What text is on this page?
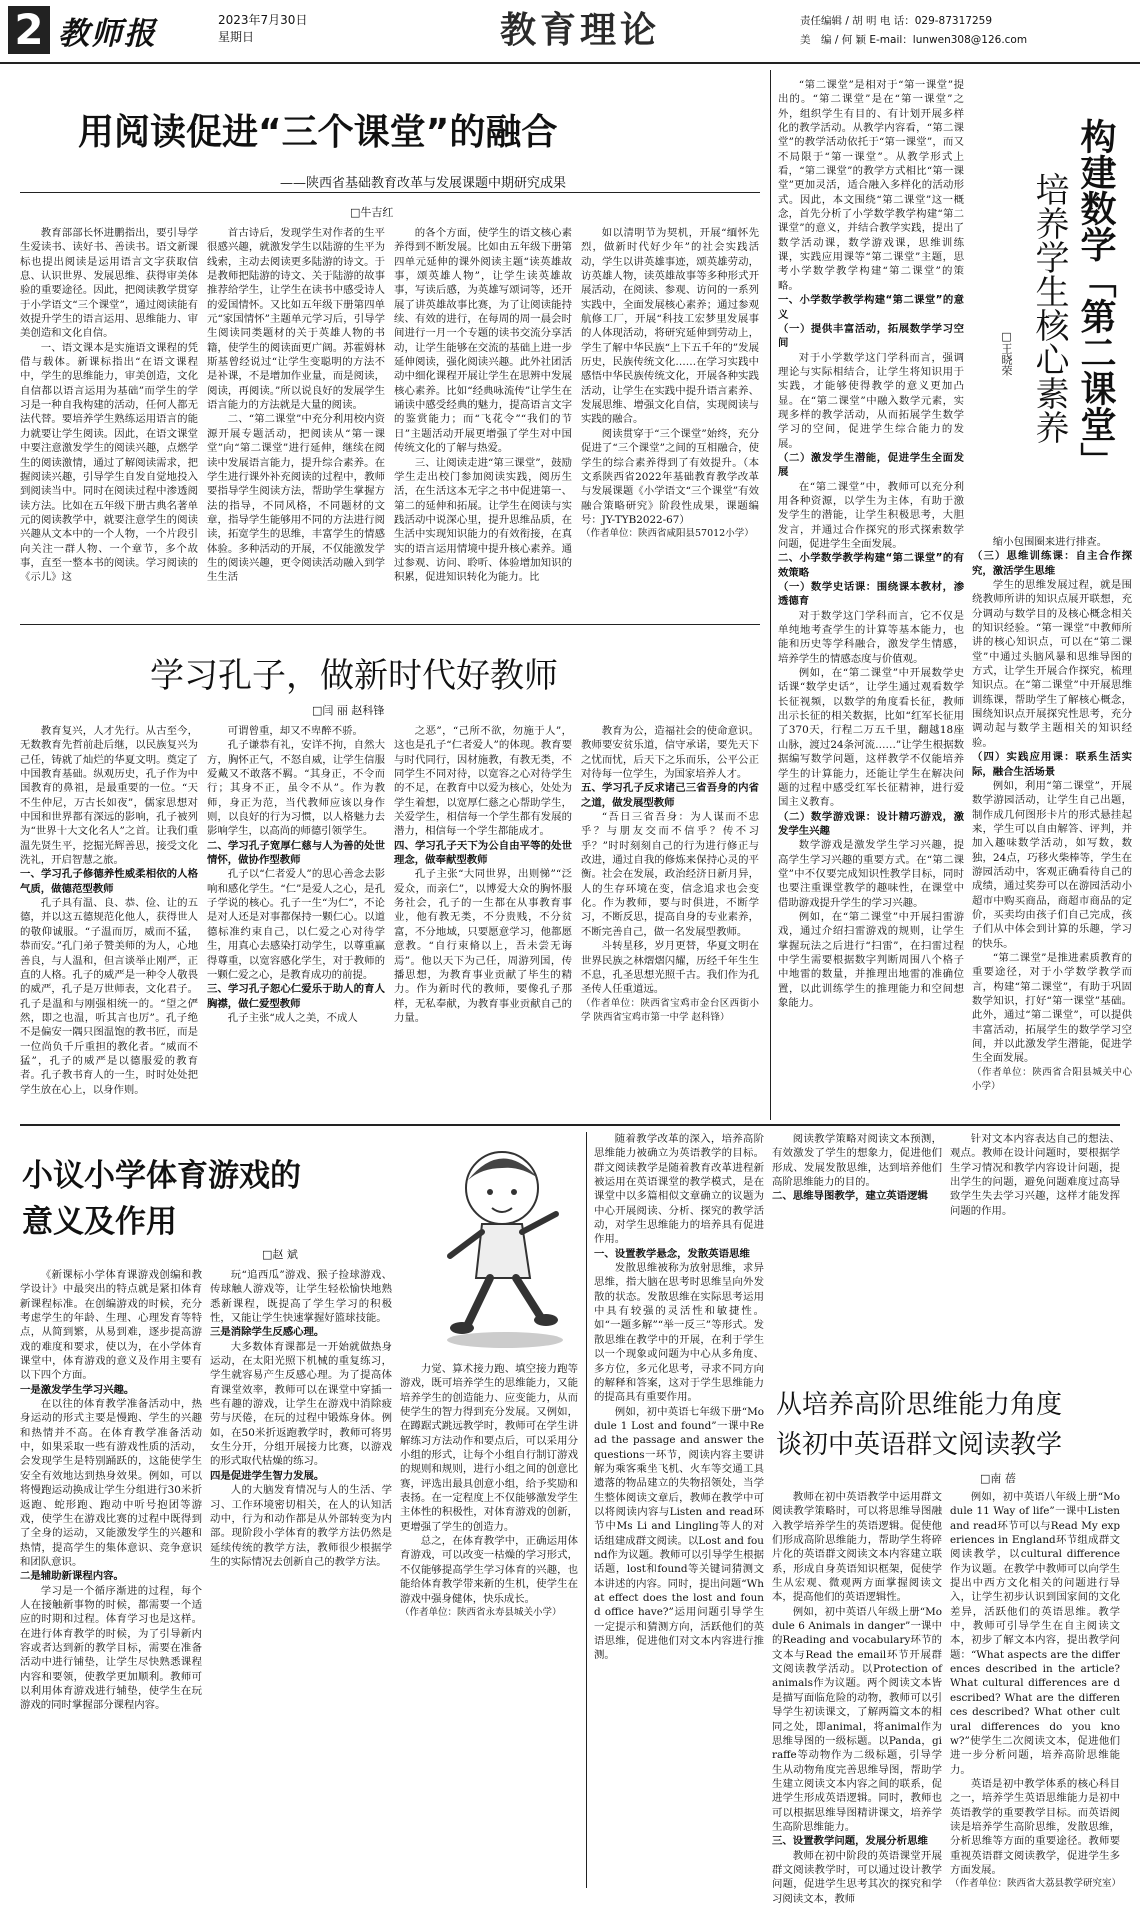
2 教师报	2023年7月30日
星期日	教育理论	责任编辑 / 胡 明 电 话：029-87317259
美　编 / 何 颖 E-mail：lunwen308@126.com
用阅读促进“三个课堂”的融合
——陕西省基础教育改革与发展课题中期研究成果
□牛吉红

教育部部长怀进鹏指出，要引导学生爱读书、读好书、善读书。语文新课标也提出阅读是运用语言文字获取信息、认识世界、发展思维、获得审美体验的重要途径。因此，把阅读教学贯穿于小学语文“三个课堂”，通过阅读能有效提升学生的语言运用、思维能力、审美创造和文化自信。

一、语文课本是实施语文课程的凭借与载体。新课标指出“在语文课程中，学生的思维能力，审美创造，文化自信都以语言运用为基础”而学生的学习是一种自我构建的活动，任何人都无法代替。要培养学生熟练运用语言的能力就要让学生阅读。因此，在语文课堂中要注意激发学生的阅读兴趣，点燃学生的阅读激情，通过了解阅读需求，把握阅读兴趣，引导学生自发自觉地投入到阅读当中。同时在阅读过程中渗透阅读方法。比如在五年级下册古典名著单元的阅读教学中，就要注意学生的阅读兴趣从文本中的一个人物，一个片段引向关注一群人物、一个章节，多个故事，直至一整本书的阅读。学习阅读的《示儿》这

首古诗后，发现学生对作者的生平很感兴趣，就激发学生以陆游的生平为线索，主动去阅读更多陆游的诗文。于是教师把陆游的诗文、关于陆游的故事推荐给学生，让学生在读书中感受诗人的爱国情怀。又比如五年级下册第四单元“家国情怀”主题单元学习后，引导学生阅读同类题材的关于英雄人物的书籍，使学生的阅读面更广阔。苏霍姆林斯基曾经说过“让学生变聪明的方法不是补课，不是增加作业量，而是阅读，阅读，再阅读。”所以说良好的发展学生语言能力的方法就是大量的阅读。

二、“第二课堂”中充分利用校内资源开展专题活动，把阅读从“第一课堂”向“第二课堂”进行延伸，继续在阅读中发展语言能力，提升综合素养。在学生进行课外补充阅读的过程中，教师要指导学生阅读方法，帮助学生掌握方法的指导，不同风格，不同题材的文章，指导学生能够用不同的方法进行阅读，拓宽学生的思维，丰富学生的情感体验。多种活动的开展，不仅能激发学生的阅读兴趣，更令阅读活动融入到学生生活

的各个方面，使学生的语文核心素养得到不断发展。比如由五年级下册第四单元延伸的课外阅读主题“读英雄故事，颂英雄人物”，让学生读英雄故事，写读后感，为英雄写颂词等，还开展了讲英雄故事比赛，为了让阅读能持续、有效的进行，在每周的周一晨会时间进行一月一个专题的读书交流分享活动，让学生能够在交流的基础上进一步延伸阅读，强化阅读兴趣。此外社团活动中细化课程开展让学生在思辨中发展核心素养。比如“经典咏流传”让学生在诵读中感受经典的魅力，提高语言文字的鉴赏能力；而“飞花令”“我们的节日”主题活动开展更增强了学生对中国传统文化的了解与热爱。

三、让阅读走进“第三课堂”，鼓励学生走出校门参加阅读实践，阅历生活，在生活这本无字之书中促进第一、第二的延伸和拓展。让学生在阅读与实践活动中说深心里，提升思维品质，在生活中实现知识能力的有效衔接，在真实的语言运用情境中提升核心素养。通过参观、访问、聆听、体验增加知识的积累，促进知识转化为能力。比

如以清明节为契机，开展“缅怀先烈，做新时代好少年”的社会实践活动，学生以讲英雄事迹，颂英雄劳动，访英雄人物，读英雄故事等多种形式开展活动，在阅读、参观、访问的一系列实践中，全面发展核心素养；通过参观航修工厂，开展“科技工宏梦里发展事的人体现活动，将研究延伸到劳动上，学生了解中华民族“上下五千年的”发展历史，民族传统文化……在学习实践中感悟中华民族传统文化，开展各种实践活动，让学生在实践中提升语言素养、发展思维、增强文化自信，实现阅读与实践的融合。

阅读贯穿于“三个课堂”始终，充分促进了“三个课堂”之间的互相融合，使学生的综合素养得到了有效提升。（本文系陕西省2022年基础教育教学改革与发展课题《小学语文“三个课堂”有效融合策略研究》阶段性成果，课题编号：JY-TYB2022-67）

（作者单位：陕西省咸阳县57012小学）

学习孔子，做新时代好教师
□闫 丽 赵科锋

教育复兴，人才先行。从古至今，无数教育先哲前赴后继，以民族复兴为己任，铸就了灿烂的华夏文明。奠定了中国教育基础。纵观历史，孔子作为中国教育的鼻祖，是最重要的一位。“天不生仲尼，万古长如夜”，儒家思想对中国和世界都有深远的影响，孔子被列为“世界十大文化名人”之首。让我们重温先贤生平，挖掘光辉善思，接受文化洗礼，开启智慧之旅。

一、学习孔子修德养性威柔相依的人格气质，做德范型教师

孔子具有温、良、恭、俭、让的五德，并以这五德规范化他人，获得世人的敬仰诚服。“子温而厉，威而不猛，恭而安。”孔门弟子赞美师的为人，心地善良，与人温和，但言谈举止刚严，正直的人格。孔子的威严是一种令人敬畏的威严，孔子是万世师表，文化君子。孔子是温和与刚强相统一的。“望之俨然，即之也温，听其言也厉”。孔子绝不是偏安一隅只图温饱的教书匠，而是一位尚负千斤重担的教化者。“威而不猛”，孔子的威严是以德服爱的教育者。孔子教书育人的一生，时时处处把学生放在心上，以身作则。

可谓曾重，却又不卑醉不骄。

孔子谦恭有礼，安详不拘，自然大方，胸怀正气，不怒自威，让学生信服爱戴又不敢落不羁。“其身正，不令而行；其身不正，虽令不从”。作为教师，身正为范，当代教师应该以身作则，以良好的行为习惯，以人格魅力去影响学生，以高尚的师德引领学生。

二、学习孔子宽厚仁慈与人为善的处世情怀，做协作型教师

孔子以“仁者爱人”的思心善念去影响和感化学生。“仁”是爱人之心，是孔子学说的核心。孔子一生“为仁”，不论是对人还是对事都保持一颗仁心。以道德标准约束自己，以仁爱之心对待学生，用真心去感染打动学生，以尊重赢得尊重，以宽容感化学生，对于教师的一颗仁爱之心，是教育成功的前提。

三、学习孔子恕心仁爱乐于助人的育人胸襟，做仁爱型教师

孔子主张“成人之美，不成人

之恶”，“己所不欲，勿施于人”，这也是孔子“仁者爱人”的体现。教育要与时代同行，因材施教，有教无类，不同学生不同对待，以宽容之心对待学生的不足，在教育中以爱为核心，处处为学生着想，以宽厚仁慈之心帮助学生，关爱学生，相信每一个学生都有发展的潜力，相信每一个学生都能成才。

四、学习孔子天下为公自由平等的处世理念，做奉献型教师

孔子主张“大同世界，出则悌”“泛爱众，而亲仁”，以博爱大众的胸怀服务社会，孔子的一生都在从事教育事业，他有教无类，不分贵贱，不分贫富，不分地域，只要愿意学习，他都愿意教。“自行束脩以上，吾未尝无诲焉”。他以天下为己任，周游列国，传播思想，为教育事业贡献了毕生的精力。作为新时代的教师，要像孔子那样，无私奉献，为教育事业贡献自己的力量。

教育为公，造福社会的使命意识。教师要安贫乐道，信守承诺，要先天下之忧而忧，后天下之乐而乐，公平公正对待每一位学生，为国家培养人才。

五、学习孔子反求诸己三省吾身的内省之道，做发展型教师

“吾日三省吾身：为人谋而不忠乎？与朋友交而不信乎？传不习乎？”时时刻刻自己的行为进行修正与改进，通过自我的修炼来保持心灵的平衡。社会在发展，政治经济日新月异，人的生存环境在变，信念追求也会变化。作为教师，要与时俱进，不断学习，不断反思，提高自身的专业素养，不断完善自己，做一名发展型教师。

斗转星移，岁月更替，华夏文明在世界民族之林熠熠闪耀，历经千年生生不息，孔圣思想光照千古。我们作为孔圣传人任重道远。

（作者单位：陕西省宝鸡市金台区西街小学 陕西省宝鸡市第一中学 赵科锋）

构建数学「第二课堂」
培养学生核心素养
□王晓荣

“第二课堂”是相对于“第一课堂”提出的。“第二课堂”是在“第一课堂”之外，组织学生有目的、有计划开展多样化的教学活动。从教学内容看，“第二课堂”的教学活动依托于“第一课堂”，而又不局限于“第一课堂”。从教学形式上看，“第二课堂”的教学方式相比“第一课堂”更加灵活，适合融入多样化的活动形式。因此，本文围绕“第二课堂”这一概念，首先分析了小学数学教学构建“第二课堂”的意义，并结合教学实践，提出了数学活动课，数学游戏课，思维训练课，实践应用课等“第二课堂”主题，思考小学数学教学构建“第二课堂”的策略。

一、小学数学教学构建“第二课堂”的意义

（一）提供丰富活动，拓展数学学习空间

对于小学数学这门学科而言，强调理论与实际相结合，让学生将知识用于实践，才能够使得教学的意义更加凸显。在“第二课堂”中融入数学元素，实现多样的教学活动，从而拓展学生数学学习的空间，促进学生综合能力的发展。

（二）激发学生潜能，促进学生全面发展

在“第二课堂”中，教师可以充分利用各种资源，以学生为主体，有助于激发学生的潜能，让学生积极思考，大胆发言，并通过合作探究的形式探索数学问题，促进学生全面发展。

二、小学数学教学构建“第二课堂”的有效策略

（一）数学史话课：围绕课本教材，渗透德育

对于数学这门学科而言，它不仅是单纯地考查学生的计算等基本能力，也能和历史等学科融合，激发学生情感，培养学生的情感态度与价值观。

例如，在“第二课堂”中开展数学史话课“数学史话”，让学生通过观看数学长征视频，以数学的角度看长征，教师出示长征的相关数据，比如“红军长征用了370天，行程二万五千里，翻越18座山脉，渡过24条河流……”让学生根据数据编写数学问题，这样教学不仅能培养学生的计算能力，还能让学生在解决问题的过程中感受红军长征精神，进行爱国主义教育。

（二）数学游戏课：设计精巧游戏，激发学生兴趣

数学游戏是激发学生学习兴趣，提高学生学习兴趣的重要方式。在“第二课堂”中不仅要完成知识性教学目标，同时也要注重课堂教学的趣味性，在课堂中借助游戏提升学生的学习兴趣。

例如，在“第二课堂”中开展扫雷游戏，通过介绍扫雷游戏的规则，让学生掌握玩法之后进行“扫雷”，在扫雷过程中学生需要根据数字判断周围八个格子中地雷的数量，并推理出地雷的准确位置，以此训练学生的推理能力和空间想象能力。

缩小包围圈来进行排查。

（三）思维训练课：自主合作探究，激活学生思维

学生的思维发展过程，就是围绕教师所讲的知识点展开联想，充分调动与数学目的及核心概念相关的知识经验。“第一课堂”中教师所讲的核心知识点，可以在“第二课堂”中通过头脑风暴和思维导图的方式，让学生开展合作探究，梳理知识点。在“第二课堂”中开展思维训练课，帮助学生了解核心概念，围绕知识点开展探究性思考，充分调动起与数学主题相关的知识经验。

（四）实践应用课：联系生活实际，融合生活场景

例如，利用“第二课堂”，开展数学游园活动，让学生自己出题，制作成几何图形卡片的形式悬挂起来，学生可以自由解答、评判，并加入趣味数学活动，如写数，数独，24点，巧移火柴棒等，学生在游园活动中，客观正确看待自己的成绩，通过奖券可以在游园活动小超市中购买商品，商超市商品的定价，买卖均由孩子们自己完成，孩子们从中体会到计算的乐趣，学习的快乐。

“第二课堂”是推进素质教育的重要途径，对于小学数学教学而言，构建“第二课堂”，有助于巩固数学知识，打好“第一课堂”基础。此外，通过“第二课堂”，可以提供丰富活动，拓展学生的数学学习空间，并以此激发学生潜能，促进学生全面发展。

（作者单位：陕西省合阳县城关中心小学）

小议小学体育游戏的
意义及作用
□赵 斌

《新课标小学体育课游戏创编和教学设计》中最突出的特点就是紧扣体育新课程标准。在创编游戏的时候，充分考虑学生的年龄、生理、心理发育等特点，从简到繁，从易到难，逐步提高游戏的难度和要求，使以为，在小学体育课堂中，体育游戏的意义及作用主要有以下四个方面。

一是激发学生学习兴趣。

在以往的体育教学准备活动中，热身运动的形式主要是慢跑、学生的兴趣和热情并不高。在体育教学准备活动中，如果采取一些有游戏性质的活动，会发现学生是特别踊跃的，这能使学生安全有效地达到热身效果。例如，可以将慢跑运动换成让学生分组进行30米折返跑、蛇形跑、跑动中听号抱团等游戏，使学生在游戏比赛的过程中既得到了全身的运动，又能激发学生的兴趣和热情，提高学生的集体意识、竞争意识和团队意识。

二是辅助新课程内容。

学习是一个循序渐进的过程，每个人在接触新事物的时候，都需要一个适应的时期和过程。体育学习也是这样。在进行体育教学的时候，为了引导新内容或者达到新的教学目标，需要在准备活动中进行铺垫，让学生尽快熟悉课程内容和要领，使教学更加顺利。教师可以利用体育游戏进行辅垫，使学生在玩游戏的同时掌握部分课程内容。

玩“追西瓜”游戏、猴子捡球游戏、传球触人游戏等，让学生轻松愉快地熟悉新课程，既提高了学生学习的积极性，又能让学生快速掌握好篮球技能。

三是消除学生反感心理。

大多数体育课都是一开始就做热身运动，在太阳光照下机械的重复练习，学生就容易产生反感心理。为了提高体育课堂效率，教师可以在课堂中穿插一些有趣的游戏，让学生在游戏中消除疲劳与厌倦，在玩的过程中锻炼身体。例如，在50米折返跑教学时，教师可将男女生分开，分组开展接力比赛，以游戏的形式取代枯燥的练习。

四是促进学生智力发展。

人的大脑发育情况与人的生活、学习、工作环境密切相关，在人的认知活动中，行为和动作都是从外部转变为内部。现阶段小学体育的教学方法仍然是延续传统的教学方法，教师很少根据学生的实际情况去创新自己的教学方法。

力觉、算术接力跑、填空接力跑等游戏，既可培养学生的思维能力，又能培养学生的创造能力、应变能力，从而使学生的智力得到充分发展。又例如，在蹲踞式跳远教学时，教师可在学生讲解练习方法动作和要点后，可以采用分小组的形式，让每个小组自行制订游戏的规则和规则，进行小组之间的创意比赛，评选出最具创意小组，给予奖励和表扬。在一定程度上不仅能够激发学生主体性的积极性，对体育游戏的创新，更增强了学生的创造力。

总之，在体育教学中，正确运用体育游戏，可以改变一枯燥的学习形式，不仅能够提高学生学习体育的兴趣，也能给体育教学带来新的生机，使学生在游戏中强身健体，快乐成长。

（作者单位：陕西省永寿县城关小学）

随着教学改革的深入，培养高阶思维能力被确立为英语教学的目标。群文阅读教学是随着教育改革进程新被运用在英语课堂的教学模式，是在课堂中以多篇相似文章确立的议题为中心开展阅读、分析、探究的教学活动，对学生思维能力的培养具有促进作用。

一、设置教学悬念，发散英语思维

发散思维被称为放射思维，求异思维，指大脑在思考时思维呈向外发散的状态。发散思维在实际思考运用中具有较强的灵活性和敏捷性。如“一题多解”“举一反三”等形式。发散思维在教学中的开展，在利于学生以一个现象或问题为中心从多角度、多方位，多元化思考，寻求不同方向的解释和答案，这对于学生思维能力的提高具有重要作用。

例如，初中英语七年级下册“Module 1 Lost and found”一课中Read the passage and answer the questions一环节，阅读内容主要讲解为乘客乘坐飞机、火车等交通工具遗落的物品建立的失物招领处，当学生整体阅读文章后，教师在教学中可以将阅读内容与Listen and read环节中Ms Li and Lingling等人的对话组建成群文阅读。以Lost and found作为议题。教师可以引导学生根据话题，lost和found等关键词猜测文本讲述的内容。同时，提出问题“What effect does the lost and found office have?”运用问题引导学生一定提示和猜测方向，活跃他们的英语思维，促进他们对文本内容进行推测。

阅读教学策略对阅读文本预测，有效激发了学生的想象力，促进他们形成、发展发散思维，达到培养他们高阶思维能力的目的。

二、思维导图教学，建立英语逻辑

针对文本内容表达自己的想法、观点。教师在设计问题时，要根据学生学习情况和教学内容设计问题，提出学生的问题，避免问题难度过高导致学生失去学习兴趣，这样才能发挥问题的作用。

从培养高阶思维能力角度
谈初中英语群文阅读教学
□南 蓓

教师在初中英语教学中运用群文阅读教学策略时，可以将思维导图融入教学培养学生的英语逻辑。促使他们形成高阶思维能力，帮助学生将碎片化的英语群文阅读文本内容建立联系，形成自身英语知识框架，促使学生从宏观、微观两方面掌握阅读文本，提高他们的英语逻辑性。

例如，初中英语八年级上册“Module 6 Animals in danger”一课中的Reading and vocabulary环节的文本与Read the email环节开展群文阅读教学活动。以Protection of animals作为议题。两个阅读文本皆是描写面临危险的动物，教师可以引导学生初读课文，了解两篇文本的相同之处，即animal，将animal作为思维导图的一级标题。以Panda，giraffe等动物作为二级标题，引导学生从动物角度完善思维导图，帮助学生建立阅读文本内容之间的联系，促进学生形成英语逻辑。同时，教师也可以根据思维导图精讲课文，培养学生高阶思维能力。

三、设置教学问题，发展分析思维

教师在初中阶段的英语课堂开展群文阅读教学时，可以通过设计教学问题，促进学生思考其次的探究和学习阅读文本，教师

例如，初中英语八年级上册“Module 11 Way of life”一课中Listen and read环节可以与Read My experiences in England环节组成群文阅读教学，以cultural difference作为议题。在教学中教师可以向学生提出中西方文化相关的问题进行导入，让学生初步认识到国家间的文化差异，活跃他们的英语思维。教学中，教师可引导学生在自主阅读文本，初步了解文本内容，提出教学问题：“What aspects are the differences described in the article? What cultural differences are described? What are the differences described? What other cultural differences do you know?”使学生二次阅读文本，促进他们进一步分析问题，培养高阶思维能力。

英语是初中教学体系的核心科目之一，培养学生英语思维能力是初中英语教学的重要教学目标。而英语阅读是培养学生高阶思维，发散思维，分析思维等方面的重要途径。教师要重视英语群文阅读教学，促进学生多方面发展。

（作者单位：陕西省大荔县教学研究室）
